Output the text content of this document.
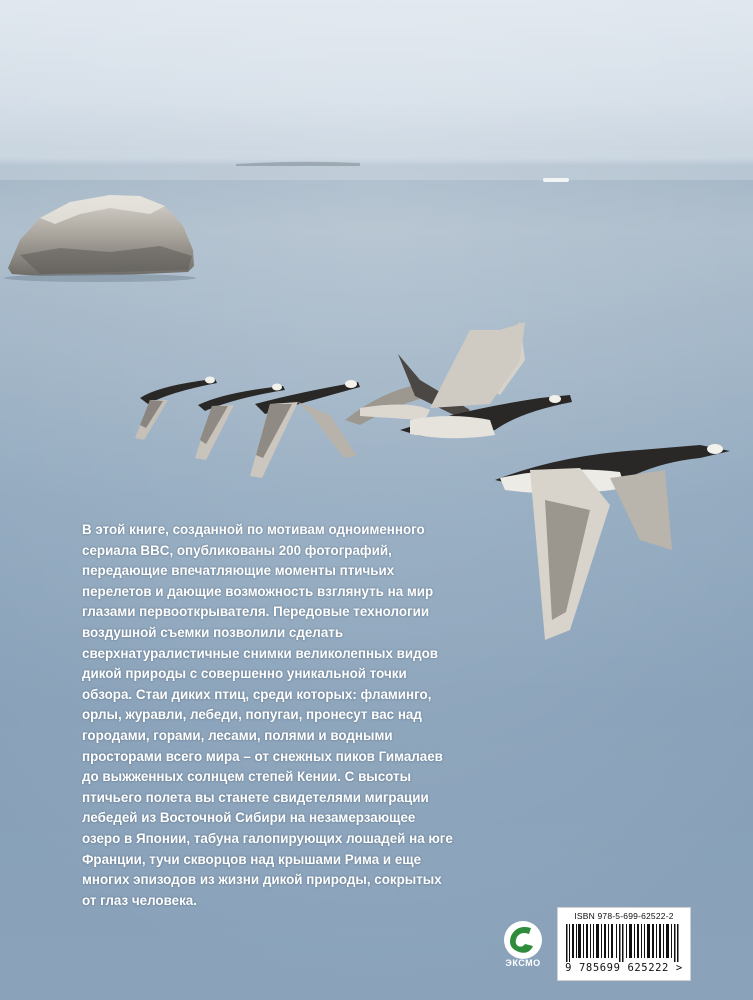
В этой книге, созданной по мотивам одноименного
сериала BBC, опубликованы 200 фотографий,
передающие впечатляющие моменты птичьих
перелетов и дающие возможность взглянуть на мир
глазами первооткрывателя. Передовые технологии
воздушной съемки позволили сделать
сверхнатуралистичные снимки великолепных видов
дикой природы с совершенно уникальной точки
обзора. Стаи диких птиц, среди которых: фламинго,
орлы, журавли, лебеди, попугаи, пронесут вас над
городами, горами, лесами, полями и водными
просторами всего мира – от снежных пиков Гималаев
до выжженных солнцем степей Кении. С высоты
птичьего полета вы станете свидетелями миграции
лебедей из Восточной Сибири на незамерзающее
озеро в Японии, табуна галопирующих лошадей на юге
Франции, тучи скворцов над крышами Рима и еще
многих эпизодов из жизни дикой природы, сокрытых
от глаз человека.
ЭКСМО
ISBN 978-5-699-62522-2
9 785699 625222 >
